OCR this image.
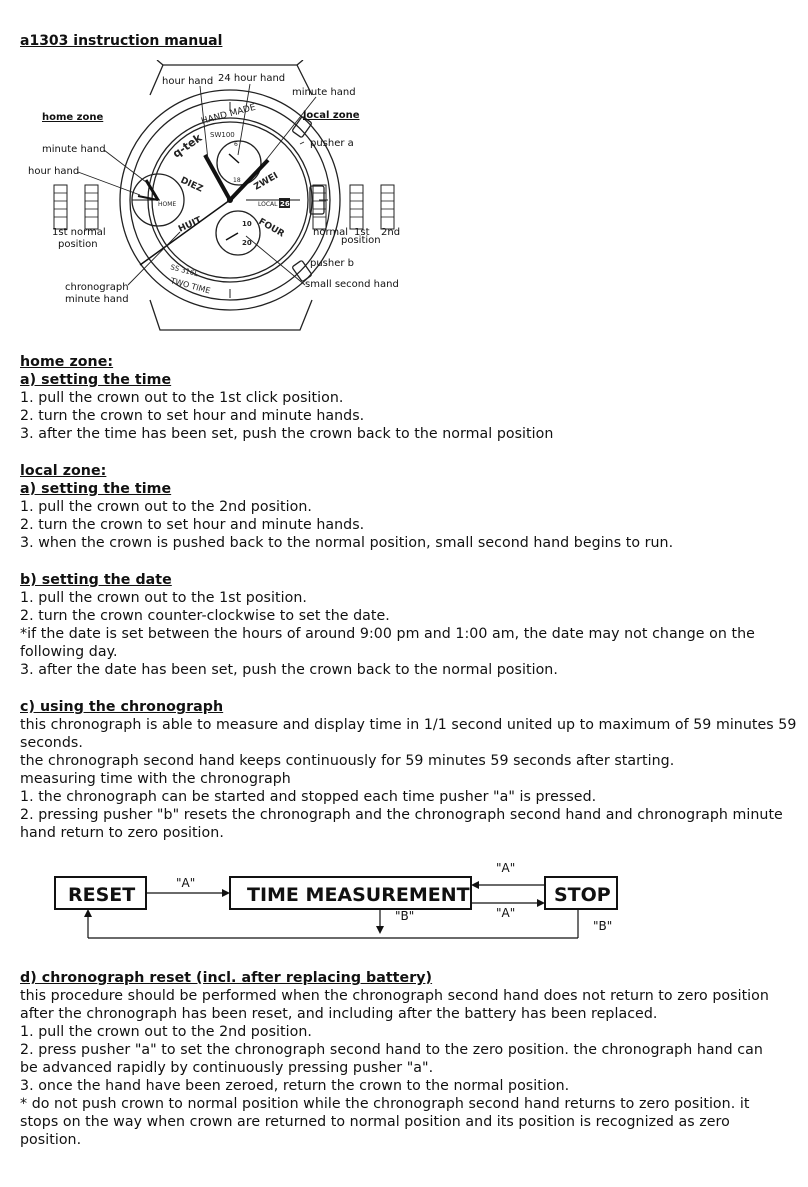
a1303 instruction manual
q-tek
DIEZ	ZWEI
HUIT	FOUR
HAND MADE
SW100
TWO TIME
SS 316L
HOME	LOCAL 26
18
6
10
20
hour hand 24 hour hand
minute hand
home zone	local zone
pusher a
minute hand
hour hand
1st normal
position
normal 1st 2nd
position
pusher b
small second hand
chronograph
minute hand
home zone:
a) setting the time
1. pull the crown out to the 1st click position.
2. turn the crown to set hour and minute hands.
3. after the time has been set, push the crown back to the normal position
local zone:
a) setting the time
1. pull the crown out to the 2nd position.
2. turn the crown to set hour and minute hands.
3. when the crown is pushed back to the normal position, small second hand begins to run.
b) setting the date
1. pull the crown out to the 1st position.
2. turn the crown counter-clockwise to set the date.
*if the date is set between the hours of around 9:00 pm and 1:00 am, the date may not change on the
following day.
3. after the date has been set, push the crown back to the normal position.
c) using the chronograph
this chronograph is able to measure and display time in 1/1 second united up to maximum of 59 minutes 59
seconds.
the chronograph second hand keeps continuously for 59 minutes 59 seconds after starting.
measuring time with the chronograph
1. the chronograph can be started and stopped each time pusher "a" is pressed.
2. pressing pusher "b" resets the chronograph and the chronograph second hand and chronograph minute
hand return to zero position.
RESET	TIME MEASUREMENT	STOP
"A"
"A"
"A"
"B"
"B"
d) chronograph reset (incl. after replacing battery)
this procedure should be performed when the chronograph second hand does not return to zero position
after the chronograph has been reset, and including after the battery has been replaced.
1. pull the crown out to the 2nd position.
2. press pusher "a" to set the chronograph second hand to the zero position. the chronograph hand can
be advanced rapidly by continuously pressing pusher "a".
3. once the hand have been zeroed, return the crown to the normal position.
* do not push crown to normal position while the chronograph second hand returns to zero position. it
stops on the way when crown are returned to normal position and its position is recognized as zero
position.
